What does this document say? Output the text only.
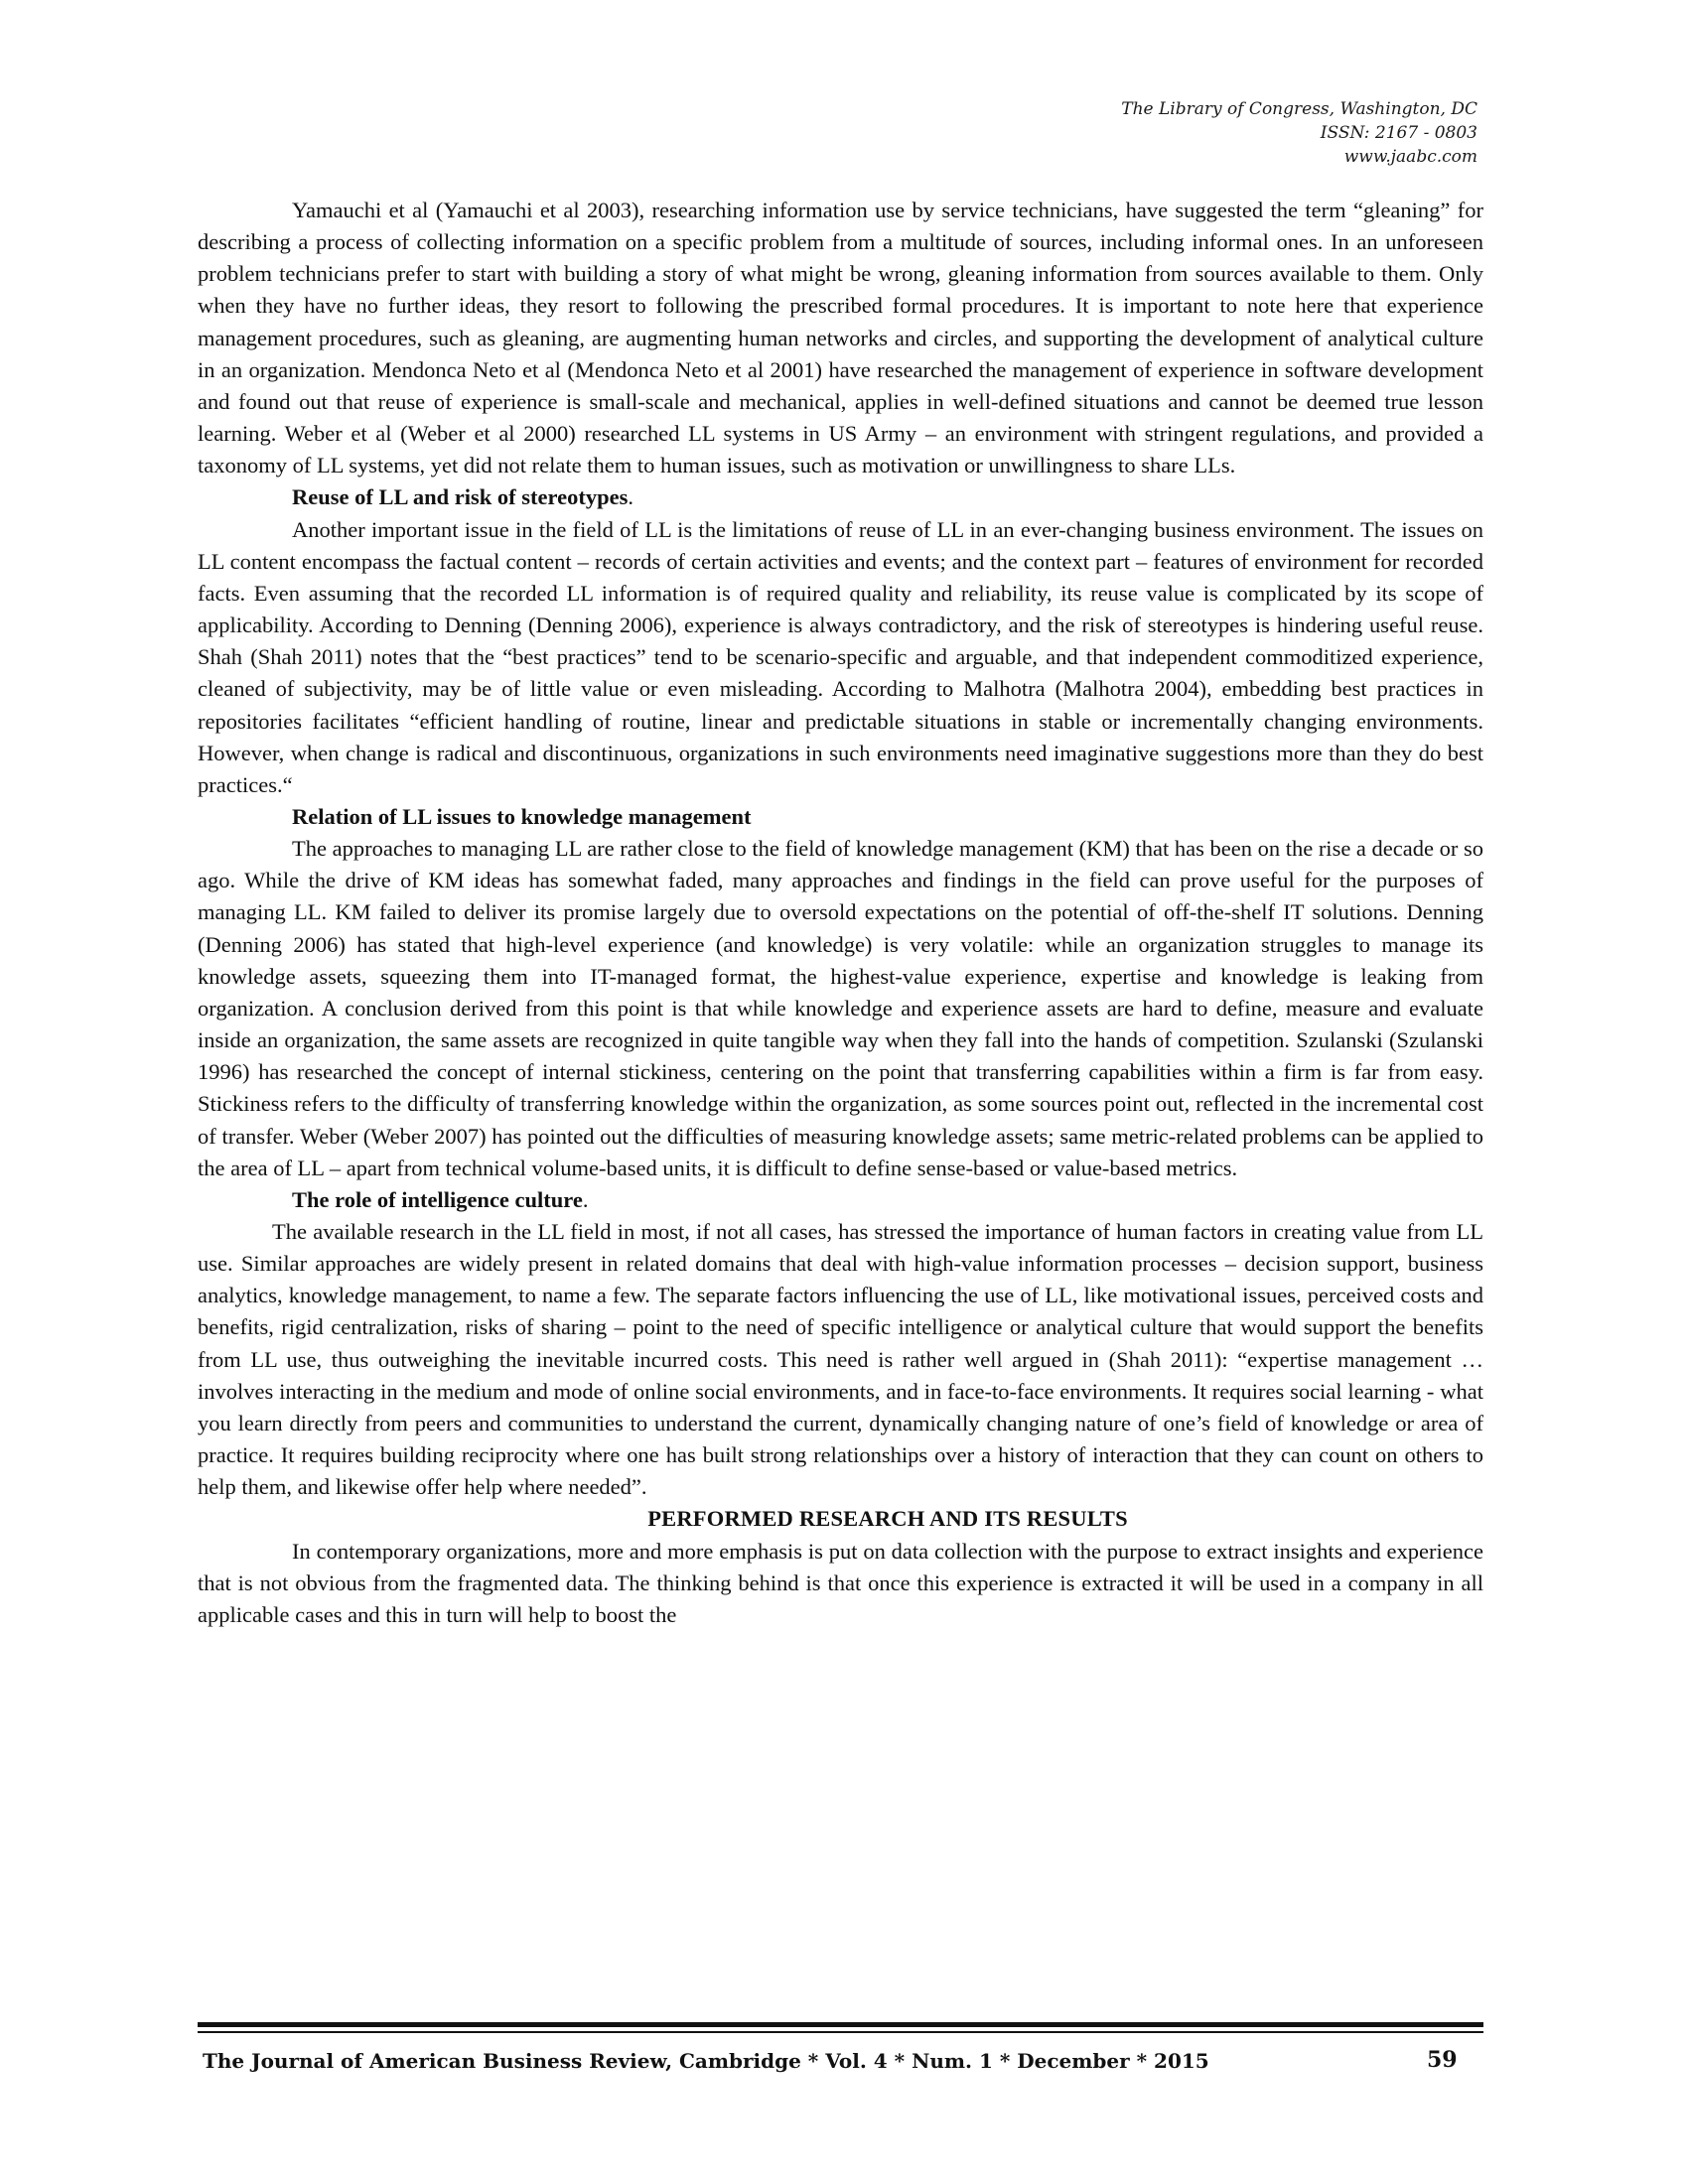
The Library of Congress, Washington, DC
ISSN: 2167 - 0803
www.jaabc.com

Yamauchi et al (Yamauchi et al 2003), researching information use by service technicians, have suggested the term “gleaning” for describing a process of collecting information on a specific problem from a multitude of sources, including informal ones. In an unforeseen problem technicians prefer to start with building a story of what might be wrong, gleaning information from sources available to them. Only when they have no further ideas, they resort to following the prescribed formal procedures. It is important to note here that experience management procedures, such as gleaning, are augmenting human networks and circles, and supporting the development of analytical culture in an organization. Mendonca Neto et al (Mendonca Neto et al 2001) have researched the management of experience in software development and found out that reuse of experience is small-scale and mechanical, applies in well-defined situations and cannot be deemed true lesson learning. Weber et al (Weber et al 2000) researched LL systems in US Army – an environment with stringent regulations, and provided a taxonomy of LL systems, yet did not relate them to human issues, such as motivation or unwillingness to share LLs.

Reuse of LL and risk of stereotypes.

Another important issue in the field of LL is the limitations of reuse of LL in an ever-changing business environment. The issues on LL content encompass the factual content – records of certain activities and events; and the context part – features of environment for recorded facts. Even assuming that the recorded LL information is of required quality and reliability, its reuse value is complicated by its scope of applicability. According to Denning (Denning 2006), experience is always contradictory, and the risk of stereotypes is hindering useful reuse. Shah (Shah 2011) notes that the “best practices” tend to be scenario-specific and arguable, and that independent commoditized experience, cleaned of subjectivity, may be of little value or even misleading. According to Malhotra (Malhotra 2004), embedding best practices in repositories facilitates “efficient handling of routine, linear and predictable situations in stable or incrementally changing environments. However, when change is radical and discontinuous, organizations in such environments need imaginative suggestions more than they do best practices.“

Relation of LL issues to knowledge management

The approaches to managing LL are rather close to the field of knowledge management (KM) that has been on the rise a decade or so ago. While the drive of KM ideas has somewhat faded, many approaches and findings in the field can prove useful for the purposes of managing LL. KM failed to deliver its promise largely due to oversold expectations on the potential of off-the-shelf IT solutions. Denning (Denning 2006) has stated that high-level experience (and knowledge) is very volatile: while an organization struggles to manage its knowledge assets, squeezing them into IT-managed format, the highest-value experience, expertise and knowledge is leaking from organization. A conclusion derived from this point is that while knowledge and experience assets are hard to define, measure and evaluate inside an organization, the same assets are recognized in quite tangible way when they fall into the hands of competition. Szulanski (Szulanski 1996) has researched the concept of internal stickiness, centering on the point that transferring capabilities within a firm is far from easy. Stickiness refers to the difficulty of transferring knowledge within the organization, as some sources point out, reflected in the incremental cost of transfer. Weber (Weber 2007) has pointed out the difficulties of measuring knowledge assets; same metric-related problems can be applied to the area of LL – apart from technical volume-based units, it is difficult to define sense-based or value-based metrics.

The role of intelligence culture.

The available research in the LL field in most, if not all cases, has stressed the importance of human factors in creating value from LL use. Similar approaches are widely present in related domains that deal with high-value information processes – decision support, business analytics, knowledge management, to name a few. The separate factors influencing the use of LL, like motivational issues, perceived costs and benefits, rigid centralization, risks of sharing – point to the need of specific intelligence or analytical culture that would support the benefits from LL use, thus outweighing the inevitable incurred costs. This need is rather well argued in (Shah 2011): “expertise management … involves interacting in the medium and mode of online social environments, and in face-to-face environments. It requires social learning - what you learn directly from peers and communities to understand the current, dynamically changing nature of one’s field of knowledge or area of practice. It requires building reciprocity where one has built strong relationships over a history of interaction that they can count on others to help them, and likewise offer help where needed”.

PERFORMED RESEARCH AND ITS RESULTS

In contemporary organizations, more and more emphasis is put on data collection with the purpose to extract insights and experience that is not obvious from the fragmented data. The thinking behind is that once this experience is extracted it will be used in a company in all applicable cases and this in turn will help to boost the

The Journal of American Business Review, Cambridge * Vol. 4 * Num. 1 * December * 2015	59
